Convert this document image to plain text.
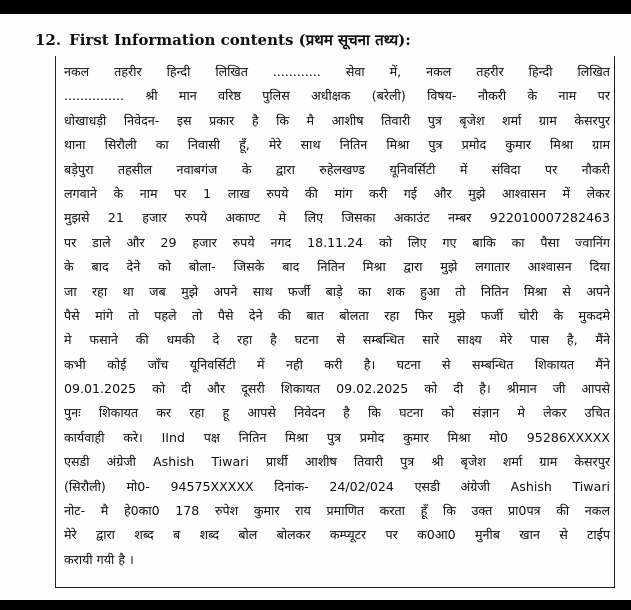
12. First Information contents (प्रथम सूचना तथ्य):
नकल तहरीर हिन्दी लिखित ............ सेवा में, नकल तहरीर हिन्दी लिखित
............... श्री मान वरिष्ठ पुलिस अधीक्षक (बरेली) विषय- नौकरी के नाम पर
धोखाधड़ी निवेदन- इस प्रकार है कि मै आशीष तिवारी पुत्र बृजेश शर्मा ग्राम केसरपुर
थाना सिरौली का निवासी हूँ, मेरे साथ नितिन मिश्रा पुत्र प्रमोद कुमार मिश्रा ग्राम
बड़ेपुरा तहसील नवाबगंज के द्वारा रुहेलखण्ड यूनिवर्सिटी में संविदा पर नौकरी
लगवाने के नाम पर 1 लाख रुपये की मांग करी गई और मुझे आश्वासन में लेकर
मुझसे 21 हजार रुपये अकाण्ट मे लिए जिसका अकाउंट नम्बर 922010007282463
पर डाले और 29 हजार रुपये नगद 18.11.24 को लिए गए बाकि का पैसा ज्वानिंग
के बाद देने को बोला- जिसके बाद नितिन मिश्रा द्वारा मुझे लगातार आश्वासन दिया
जा रहा था जब मुझे अपने साथ फर्जी बाड़े का शक हुआ तो नितिन मिश्रा से अपने
पैसे मांगे तो पहले तो पैसे देने की बात बोलता रहा फिर मुझे फर्जी चोरी के मुकदमे
मे फसाने की धमकी दे रहा है घटना से सम्बन्धित सारे साक्ष्य मेरे पास है, मैंने
कभी कोई जाँच यूनिवर्सिटी में नही करी है। घटना से सम्बन्धित शिकायत मैंने
09.01.2025 को दी और दूसरी शिकायत 09.02.2025 को दी है। श्रीमान जी आपसे
पुनः शिकायत कर रहा हू आपसे निवेदन है कि घटना को संज्ञान मे लेकर उचित
कार्यवाही करे। IInd पक्ष नितिन मिश्रा पुत्र प्रमोद कुमार मिश्रा मो0 95286XXXXX
एसडी अंग्रेजी Ashish Tiwari प्रार्थी आशीष तिवारी पुत्र श्री बृजेश शर्मा ग्राम केसरपुर
(सिरौली) मो0- 94575XXXXX दिनांक- 24/02/024 एसडी अंग्रेजी Ashish Tiwari
नोट- मै हे0का0 178 रुपेश कुमार राय प्रमाणित करता हूँ कि उक्त प्रा0पत्र की नकल
मेरे द्वारा शब्द ब शब्द बोल बोलकर कम्प्यूटर पर क0आ0 मुनीब खान से टाईप
करायी गयी है ।
